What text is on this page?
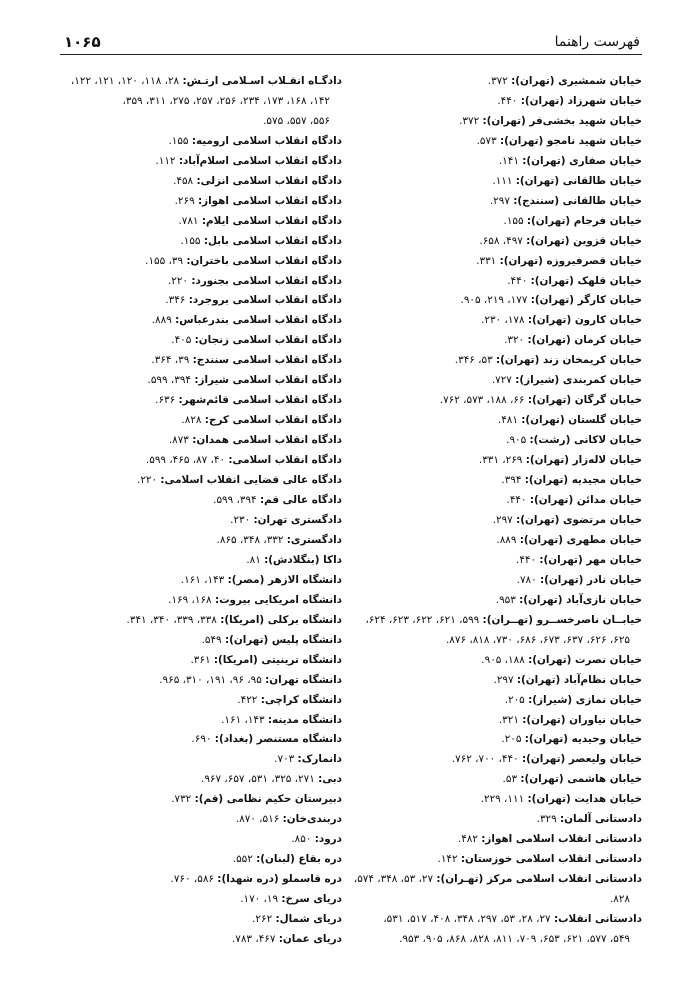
فهرست راهنما
۱۰۶۵
خیابان شمشیری (تهران): ۳۷۲.
خیابان شهرزاد (تهران): ۴۴۰.
خیابان شهید بخشی‌فر (تهران): ۳۷۲.
خیابان شهید نامجو (تهران): ۵۷۳.
خیابان صفاری (تهران): ۱۴۱.
خیابان طالقانی (تهران): ۱۱۱.
خیابان طالقانی (سنندج): ۲۹۷.
خیابان فرجام (تهران): ۱۵۵.
خیابان قزوین (تهران): ۴۹۷، ۶۵۸.
خیابان قصرفیروزه (تهران): ۳۳۱.
خیابان قلهک (تهران): ۴۴۰.
خیابان کارگر (تهران): ۱۷۷، ۲۱۹، ۹۰۵.
خیابان کارون (تهران): ۱۷۸، ۲۳۰.
خیابان کرمان (تهران): ۳۲۰.
خیابان کریمخان زند (تهران): ۵۳، ۳۴۶.
خیابان کمربندی (شیراز): ۷۲۷.
خیابان گرگان (تهران): ۶۶، ۱۸۸، ۵۷۳، ۷۶۲.
خیابان گلستان (تهران): ۴۸۱.
خیابان لاکانی (رشت): ۹۰۵.
خیابان لاله‌زار (تهران): ۲۶۹، ۳۳۱.
خیابان مجیدیه (تهران): ۳۹۴.
خیابان مدائن (تهران): ۴۴۰.
خیابان مرتضوی (تهران): ۲۹۷.
خیابان مطهری (تهران): ۸۸۹.
خیابان مهر (تهران): ۴۴۰.
خیابان نادر (تهران): ۷۸۰.
خیابان نازی‌آباد (تهران): ۹۵۳.
خیابــان ناصرخســرو (تهــران): ۵۹۹، ۶۲۱، ۶۲۲، ۶۲۳، ۶۲۴،
۶۲۵، ۶۲۶، ۶۳۷، ۶۷۳، ۶۸۶، ۷۳۰، ۸۱۸، ۸۷۶.
خیابان نصرت (تهران): ۱۸۸، ۹۰۵.
خیابان نظام‌آباد (تهران): ۲۹۷.
خیابان نمازی (شیراز): ۲۰۵.
خیابان نیاوران (تهران): ۳۲۱.
خیابان وحیدیه (تهران): ۲۰۵.
خیابان ولیعصر (تهران): ۴۴۰، ۷۰۰، ۷۶۲.
خیابان هاشمی (تهران): ۵۳.
خیابان هدایت (تهران): ۱۱۱، ۲۲۹.
دادستانی آلمان: ۳۲۹.
دادستانی انقلاب اسلامی اهواز: ۴۸۲.
دادستانی انقلاب اسلامی خوزستان: ۱۴۲.
دادستانی انقلاب اسلامی مرکز (تهـران): ۲۷، ۵۳، ۳۴۸، ۵۷۴،
۸۲۸.
دادستانی انقلاب: ۲۷، ۲۸، ۵۳، ۲۹۷، ۳۴۸، ۴۰۸، ۵۱۷، ۵۳۱،
۵۴۹، ۵۷۷، ۶۲۱، ۶۵۳، ۷۰۹، ۸۱۱، ۸۲۸، ۸۶۸، ۹۰۵، ۹۵۳.
دادگـاه انقـلاب اسـلامی ارتـش: ۲۸، ۱۱۸، ۱۲۰، ۱۲۱، ۱۲۲،
۱۴۲، ۱۶۸، ۱۷۳، ۲۳۴، ۲۵۶، ۲۵۷، ۲۷۵، ۳۱۱، ۳۵۹،
۵۵۶، ۵۵۷، ۵۷۵.
دادگاه انقلاب اسلامی ارومیه: ۱۵۵.
دادگاه انقلاب اسلامی اسلام‌آباد: ۱۱۲.
دادگاه انقلاب اسلامی انزلی: ۴۵۸.
دادگاه انقلاب اسلامی اهواز: ۲۶۹.
دادگاه انقلاب اسلامی ایلام: ۷۸۱.
دادگاه انقلاب اسلامی بابل: ۱۵۵.
دادگاه انقلاب اسلامی باختران: ۳۹، ۱۵۵.
دادگاه انقلاب اسلامی بجنورد: ۲۲۰.
دادگاه انقلاب اسلامی بروجرد: ۳۴۶.
دادگاه انقلاب اسلامی بندرعباس: ۸۸۹.
دادگاه انقلاب اسلامی زنجان: ۴۰۵.
دادگاه انقلاب اسلامی سنندج: ۳۹، ۳۶۴.
دادگاه انقلاب اسلامی شیراز: ۳۹۴، ۵۹۹.
دادگاه انقلاب اسلامی قائم‌شهر: ۶۳۶.
دادگاه انقلاب اسلامی کرج: ۸۲۸.
دادگاه انقلاب اسلامی همدان: ۸۷۳.
دادگاه انقلاب اسلامی: ۴۰، ۸۷، ۴۶۵، ۵۹۹.
دادگاه عالی قضایی انقلاب اسلامی: ۲۲۰.
دادگاه عالی قم: ۳۹۴، ۵۹۹.
دادگستری تهران: ۲۳۰.
دادگستری: ۳۳۲، ۳۴۸، ۸۶۵.
داکا (بنگلادش): ۸۱.
دانشگاه الازهر (مصر): ۱۴۳، ۱۶۱.
دانشگاه امریکایی بیروت: ۱۶۸، ۱۶۹.
دانشگاه برکلی (امریکا): ۳۳۸، ۳۳۹، ۳۴۰، ۳۴۱.
دانشگاه پلیس (تهران): ۵۴۹.
دانشگاه ترینیتی (امریکا): ۳۶۱.
دانشگاه تهران: ۹۵، ۹۶، ۱۹۱، ۳۱۰، ۹۶۵.
دانشگاه کراچی: ۴۲۲.
دانشگاه مدینه: ۱۴۳، ۱۶۱.
دانشگاه مستنصر (بغداد): ۶۹۰.
دانمارک: ۷۰۳.
دبی: ۲۷۱، ۳۲۵، ۵۳۱، ۶۵۷، ۹۶۷.
دبیرستان حکیم نظامی (قم): ۷۳۲.
دربندی‌خان: ۵۱۶، ۸۷۰.
درود: ۸۵۰.
دره بقاع (لبنان): ۵۵۲.
دره قاسملو (دره شهدا): ۵۸۶، ۷۶۰.
دریای سرخ: ۱۹، ۱۷۰.
دریای شمال: ۲۶۲.
دریای عمان: ۴۶۷، ۷۸۳.
